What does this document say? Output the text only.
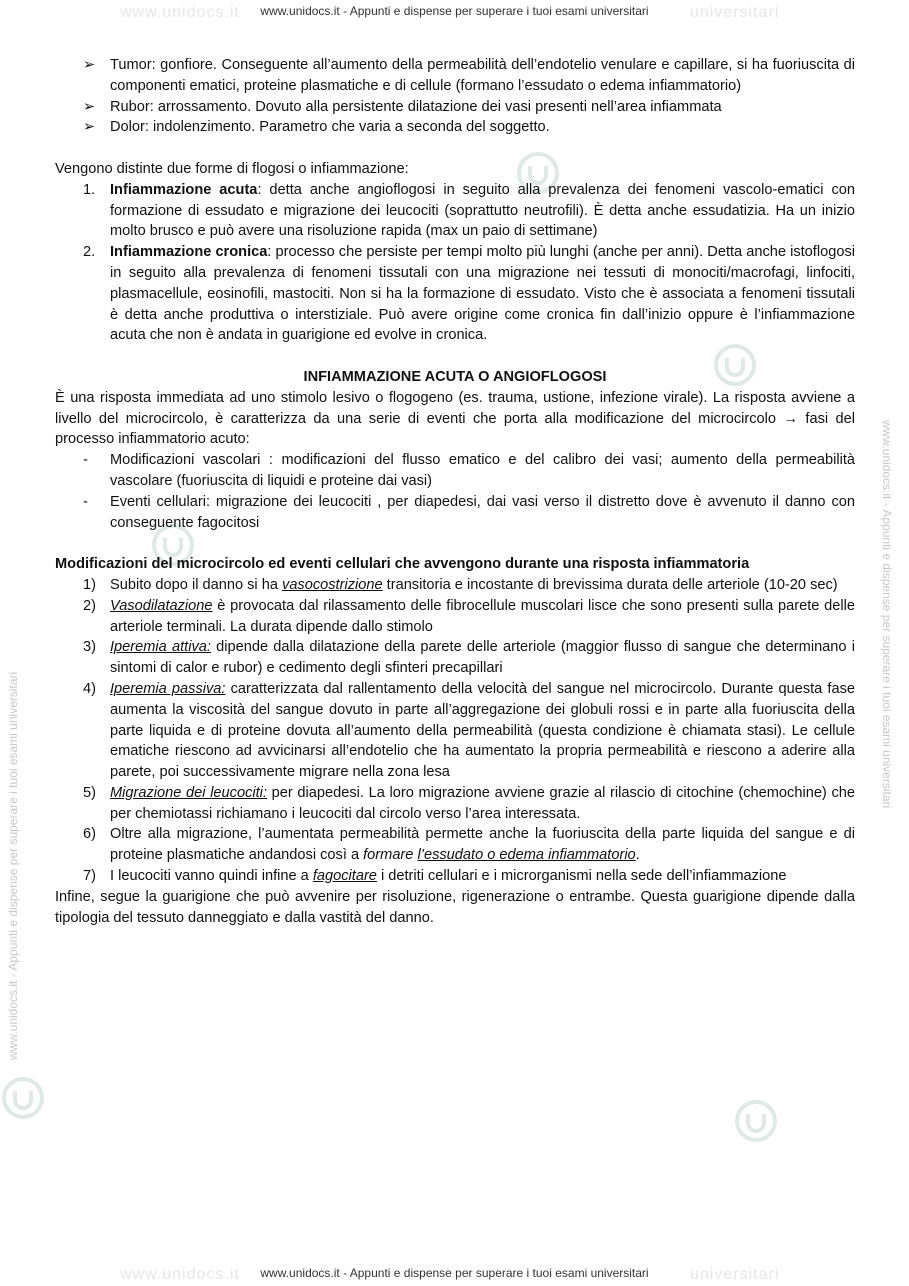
www.unidocs.it	universitari
www.unidocs.it - Appunti e dispense per superare i tuoi esami universitari
www.unidocs.it	universitari
www.unidocs.it - Appunti e dispense per superare i tuoi esami universitari
www.unidocs.it - Appunti e dispense per superare i tuoi esami universitari
www.unidocs.it - Appunti e dispense per superare i tuoi esami universitari
➢ Tumor: gonfiore. Conseguente all’aumento della permeabilità dell’endotelio venulare e capillare, si ha fuoriuscita di componenti ematici, proteine plasmatiche e di cellule (formano l’essudato o edema infiammatorio)

➢ Rubor: arrossamento. Dovuto alla persistente dilatazione dei vasi presenti nell’area infiammata

➢ Dolor: indolenzimento. Parametro che varia a seconda del soggetto.

Vengono distinte due forme di flogosi o infiammazione:

1. Infiammazione acuta: detta anche angioflogosi in seguito alla prevalenza dei fenomeni vascolo-ematici con formazione di essudato e migrazione dei leucociti (soprattutto neutrofili). È detta anche essudatizia. Ha un inizio molto brusco e può avere una risoluzione rapida (max un paio di settimane)

2. Infiammazione cronica: processo che persiste per tempi molto più lunghi (anche per anni). Detta anche istoflogosi in seguito alla prevalenza di fenomeni tissutali con una migrazione nei tessuti di monociti/macrofagi, linfociti, plasmacellule, eosinofili, mastociti. Non si ha la formazione di essudato. Visto che è associata a fenomeni tissutali è detta anche produttiva o interstiziale. Può avere origine come cronica fin dall’inizio oppure è l’infiammazione acuta che non è andata in guarigione ed evolve in cronica.

INFIAMMAZIONE ACUTA O ANGIOFLOGOSI

È una risposta immediata ad uno stimolo lesivo o flogogeno (es. trauma, ustione, infezione virale). La risposta avviene a livello del microcircolo, è caratterizza da una serie di eventi che porta alla modificazione del microcircolo → fasi del processo infiammatorio acuto:

- Modificazioni vascolari : modificazioni del flusso ematico e del calibro dei vasi; aumento della permeabilità vascolare (fuoriuscita di liquidi e proteine dai vasi)

- Eventi cellulari: migrazione dei leucociti , per diapedesi, dai vasi verso il distretto dove è avvenuto il danno con conseguente fagocitosi

Modificazioni del microcircolo ed eventi cellulari che avvengono durante una risposta infiammatoria

1) Subito dopo il danno si ha vasocostrizione transitoria e incostante di brevissima durata delle arteriole (10-20 sec)

2) Vasodilatazione è provocata dal rilassamento delle fibrocellule muscolari lisce che sono presenti sulla parete delle arteriole terminali. La durata dipende dallo stimolo

3) Iperemia attiva: dipende dalla dilatazione della parete delle arteriole (maggior flusso di sangue che determinano i sintomi di calor e rubor) e cedimento degli sfinteri precapillari

4) Iperemia passiva: caratterizzata dal rallentamento della velocità del sangue nel microcircolo. Durante questa fase aumenta la viscosità del sangue dovuto in parte all’aggregazione dei globuli rossi e in parte alla fuoriuscita della parte liquida e di proteine dovuta all’aumento della permeabilità (questa condizione è chiamata stasi). Le cellule ematiche riescono ad avvicinarsi all’endotelio che ha aumentato la propria permeabilità e riescono a aderire alla parete, poi successivamente migrare nella zona lesa

5) Migrazione dei leucociti: per diapedesi. La loro migrazione avviene grazie al rilascio di citochine (chemochine) che per chemiotassi richiamano i leucociti dal circolo verso l’area interessata.

6) Oltre alla migrazione, l’aumentata permeabilità permette anche la fuoriuscita della parte liquida del sangue e di proteine plasmatiche andandosi così a formare l’essudato o edema infiammatorio.

7) I leucociti vanno quindi infine a fagocitare i detriti cellulari e i microrganismi nella sede dell’infiammazione

Infine, segue la guarigione che può avvenire per risoluzione, rigenerazione o entrambe. Questa guarigione dipende dalla tipologia del tessuto danneggiato e dalla vastità del danno.
